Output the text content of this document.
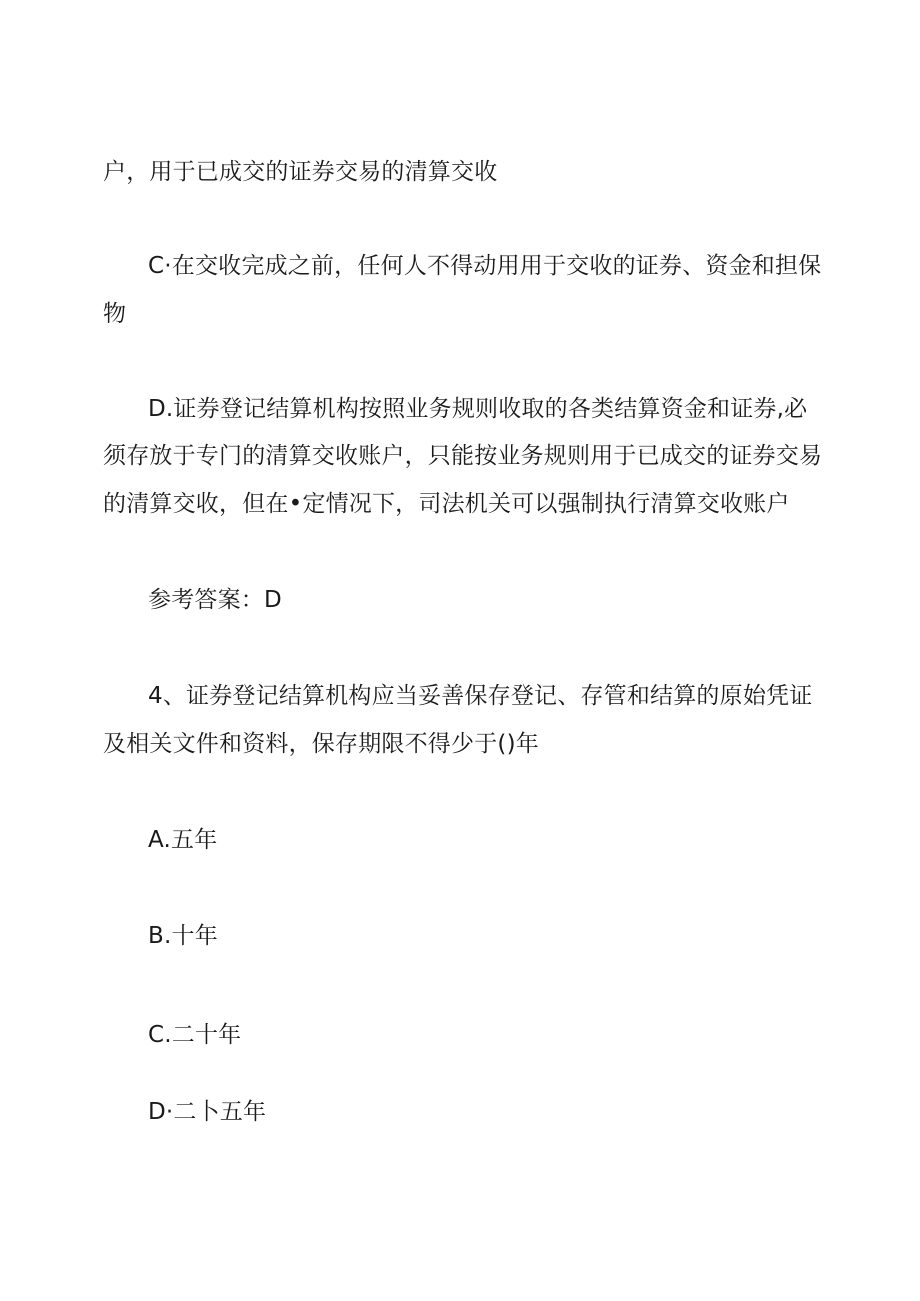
户，用于已成交的证券交易的清算交收
C·在交收完成之前，任何人不得动用用于交收的证券、资金和担保
物
D.证券登记结算机构按照业务规则收取的各类结算资金和证券,必
须存放于专门的清算交收账户，只能按业务规则用于已成交的证券交易
的清算交收，但在•定情况下，司法机关可以强制执行清算交收账户
参考答案：D
4、证券登记结算机构应当妥善保存登记、存管和结算的原始凭证
及相关文件和资料，保存期限不得少于()年
A.五年
B.十年
C.二十年
D·二卜五年
